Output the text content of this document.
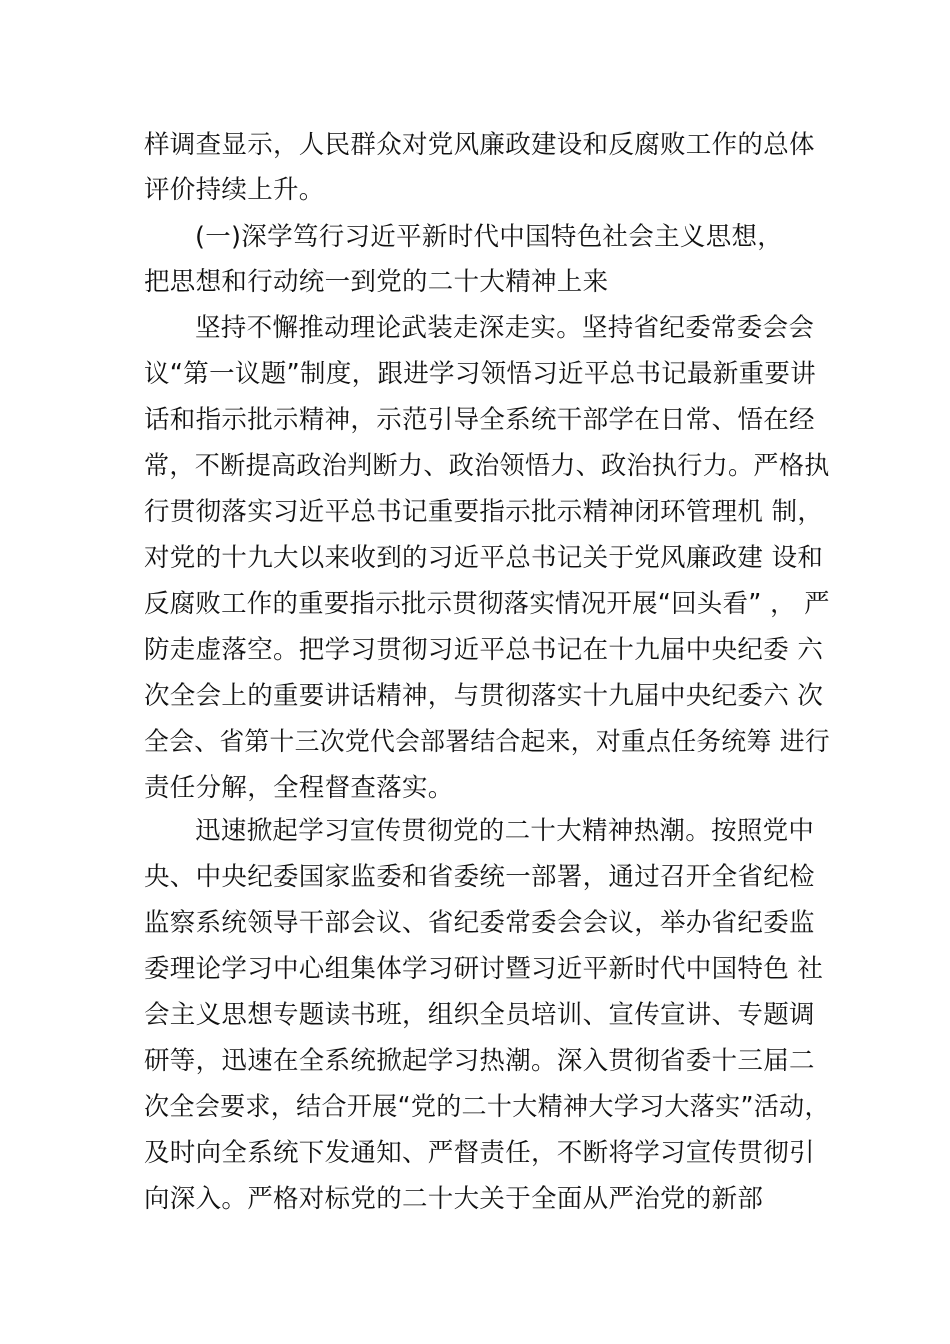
样调查显示，人民群众对党风廉政建设和反腐败工作的总体
评价持续上升。
(一)深学笃行习近平新时代中国特色社会主义思想，
把思想和行动统一到党的二十大精神上来
坚持不懈推动理论武装走深走实。坚持省纪委常委会会
议“第一议题”制度，跟进学习领悟习近平总书记最新重要讲
话和指示批示精神，示范引导全系统干部学在日常、悟在经
常，不断提高政治判断力、政治领悟力、政治执行力。严格执
行贯彻落实习近平总书记重要指示批示精神闭环管理机 制，
对党的十九大以来收到的习近平总书记关于党风廉政建 设和
反腐败工作的重要指示批示贯彻落实情况开展“回头看” ， 严
防走虚落空。把学习贯彻习近平总书记在十九届中央纪委 六
次全会上的重要讲话精神，与贯彻落实十九届中央纪委六 次
全会、省第十三次党代会部署结合起来，对重点任务统筹 进行
责任分解，全程督查落实。
迅速掀起学习宣传贯彻党的二十大精神热潮。按照党中
央、中央纪委国家监委和省委统一部署，通过召开全省纪检
监察系统领导干部会议、省纪委常委会会议，举办省纪委监
委理论学习中心组集体学习研讨暨习近平新时代中国特色 社
会主义思想专题读书班，组织全员培训、宣传宣讲、专题调
研等，迅速在全系统掀起学习热潮。深入贯彻省委十三届二
次全会要求，结合开展“党的二十大精神大学习大落实”活动，
及时向全系统下发通知、严督责任，不断将学习宣传贯彻引
向深入。严格对标党的二十大关于全面从严治党的新部
